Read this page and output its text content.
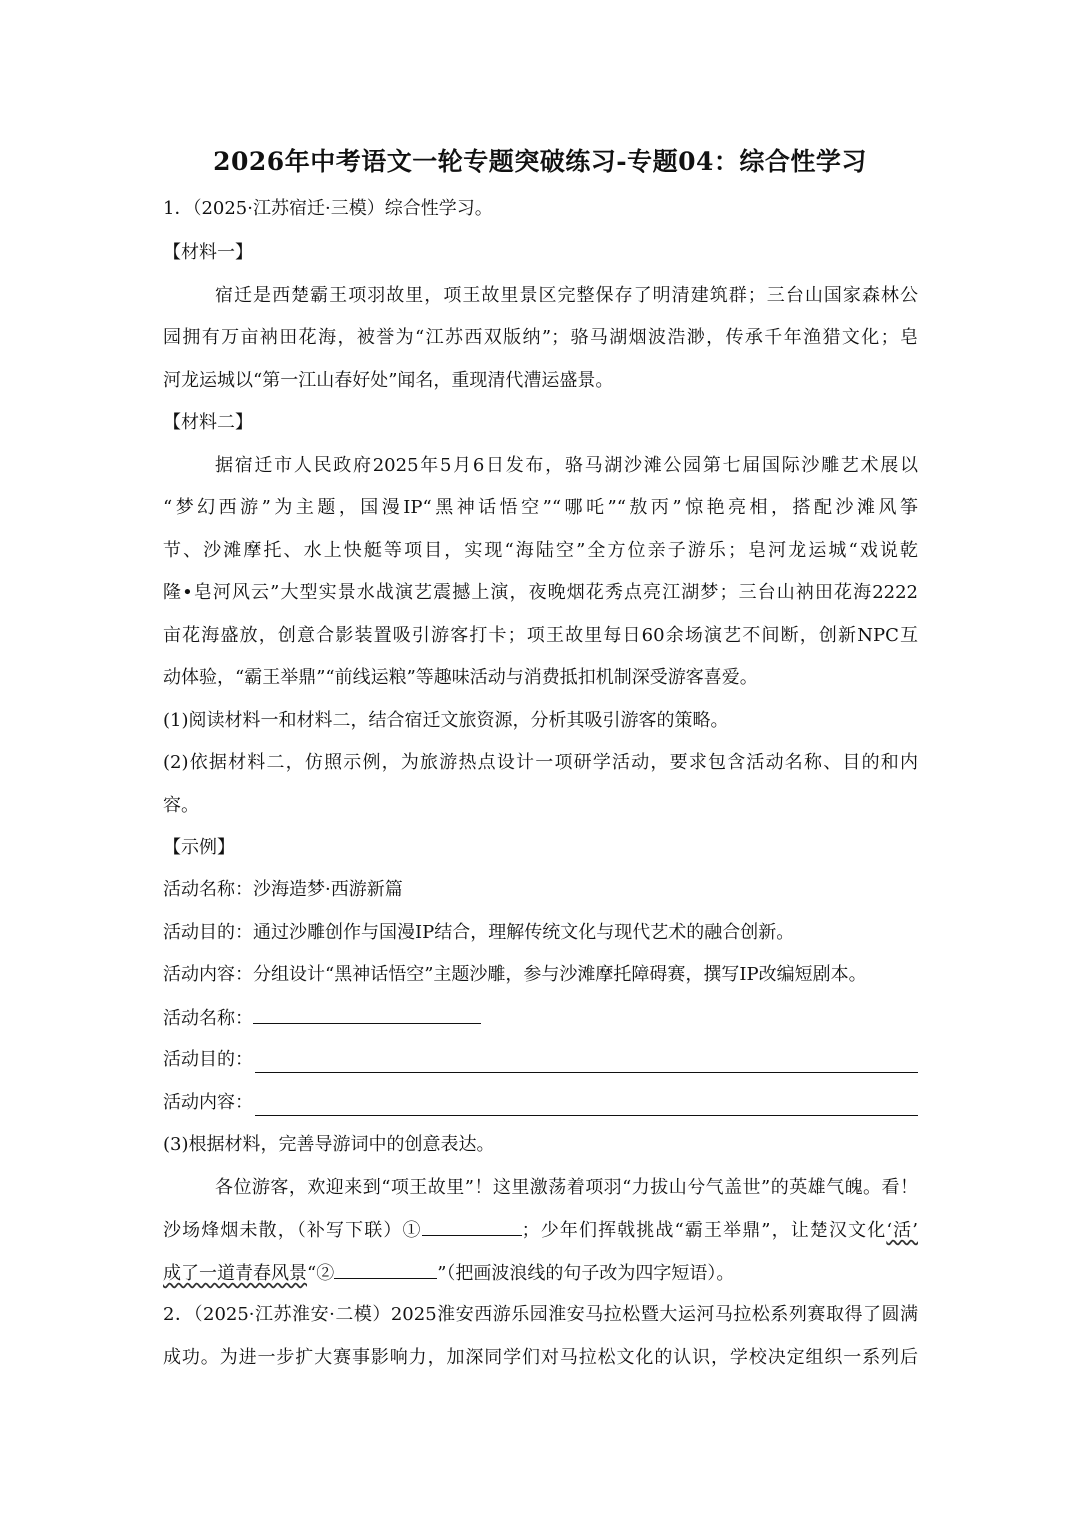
2026年中考语文一轮专题突破练习-专题04：综合性学习
1．（2025·江苏宿迁·三模）综合性学习。
【材料一】
宿迁是西楚霸王项羽故里，项王故里景区完整保存了明清建筑群；三台山国家森林公
园拥有万亩衲田花海，被誉为“江苏西双版纳”；骆马湖烟波浩渺，传承千年渔猎文化；皂
河龙运城以“第一江山春好处”闻名，重现清代漕运盛景。
【材料二】
据宿迁市人民政府2025年5月6日发布，骆马湖沙滩公园第七届国际沙雕艺术展以
“梦幻西游”为主题，国漫IP“黑神话悟空”“哪吒”“敖丙”惊艳亮相，搭配沙滩风筝
节、沙滩摩托、水上快艇等项目，实现“海陆空”全方位亲子游乐；皂河龙运城“戏说乾
隆•皂河风云”大型实景水战演艺震撼上演，夜晚烟花秀点亮江湖梦；三台山衲田花海2222
亩花海盛放，创意合影装置吸引游客打卡；项王故里每日60余场演艺不间断，创新NPC互
动体验，“霸王举鼎”“前线运粮”等趣味活动与消费抵扣机制深受游客喜爱。
(1)阅读材料一和材料二，结合宿迁文旅资源，分析其吸引游客的策略。
(2)依据材料二，仿照示例，为旅游热点设计一项研学活动，要求包含活动名称、目的和内
容。
【示例】
活动名称：沙海造梦·西游新篇
活动目的：通过沙雕创作与国漫IP结合，理解传统文化与现代艺术的融合创新。
活动内容：分组设计“黑神话悟空”主题沙雕，参与沙滩摩托障碍赛，撰写IP改编短剧本。
活动名称：
活动目的：
活动内容：
(3)根据材料，完善导游词中的创意表达。
各位游客，欢迎来到“项王故里”！这里激荡着项羽“力拔山兮气盖世”的英雄气魄。看！
沙场烽烟未散，（补写下联）①	；少年们挥戟挑战“霸王举鼎”，让楚汉文化‘活’
成了一道青春风景“②	”（把画波浪线的句子改为四字短语）。
2．（2025·江苏淮安·二模）2025淮安西游乐园淮安马拉松暨大运河马拉松系列赛取得了圆满
成功。为进一步扩大赛事影响力，加深同学们对马拉松文化的认识，学校决定组织一系列后
